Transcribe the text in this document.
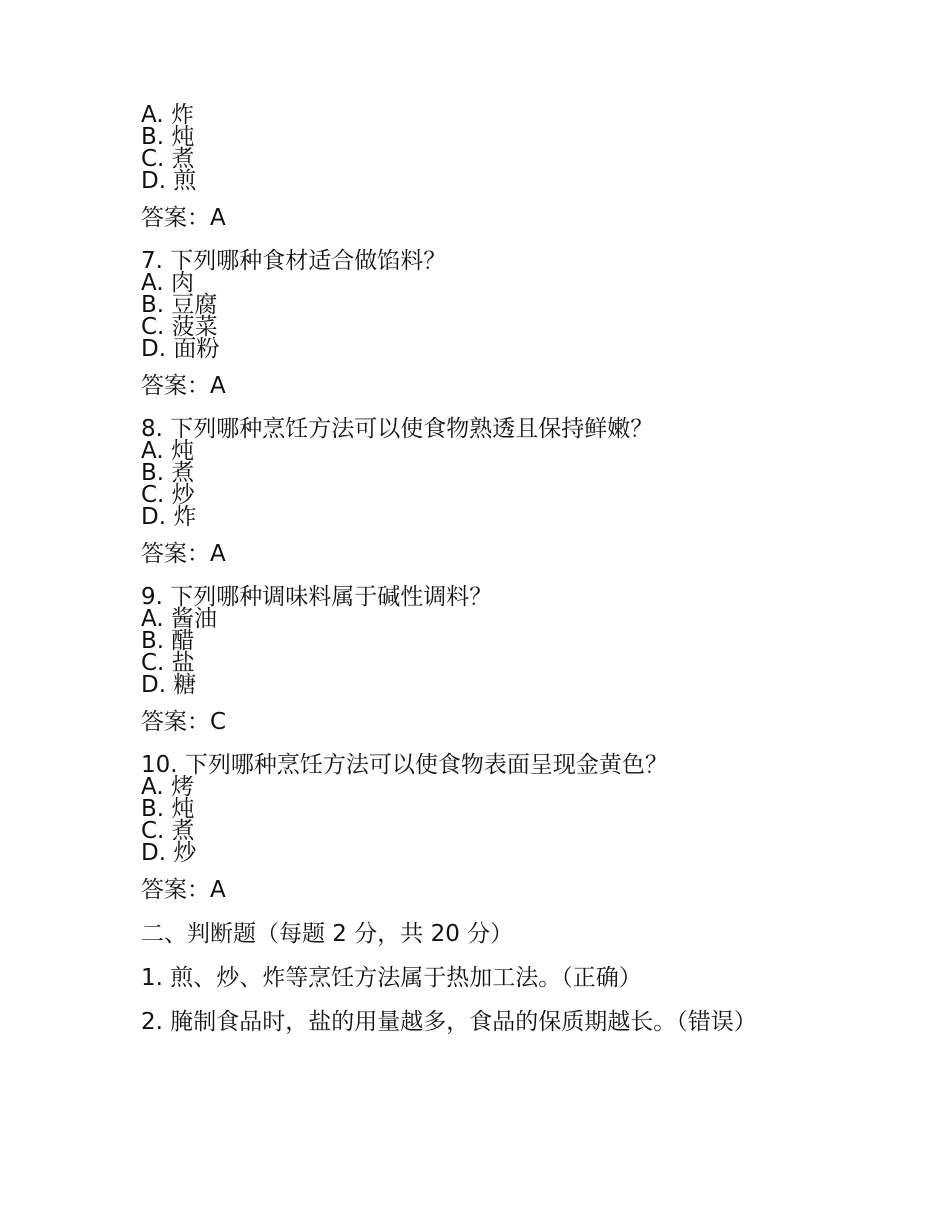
A. 炸
B. 炖
C. 煮
D. 煎
答案：A
7. 下列哪种食材适合做馅料？
A. 肉
B. 豆腐
C. 菠菜
D. 面粉
答案：A
8. 下列哪种烹饪方法可以使食物熟透且保持鲜嫩？
A. 炖
B. 煮
C. 炒
D. 炸
答案：A
9. 下列哪种调味料属于碱性调料？
A. 酱油
B. 醋
C. 盐
D. 糖
答案：C
10. 下列哪种烹饪方法可以使食物表面呈现金黄色？
A. 烤
B. 炖
C. 煮
D. 炒
答案：A
二、判断题（每题 2 分，共 20 分）
1. 煎、炒、炸等烹饪方法属于热加工法。（正确）
2. 腌制食品时，盐的用量越多，食品的保质期越长。（错误）
